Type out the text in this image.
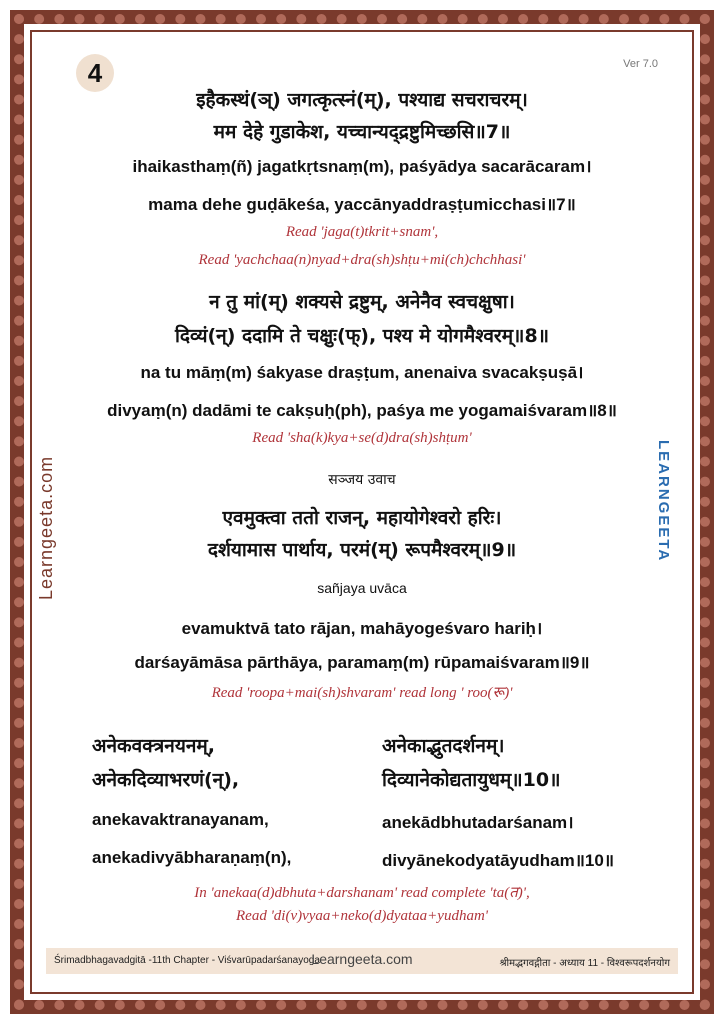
4	Ver 7.0
इहैकस्थं(ञ्) जगत्कृत्स्नं(म्), पश्याद्य सचराचरम्।
मम देहे गुडाकेश, यच्चान्यद्द्रष्टुमिच्छसि॥7॥
ihaikasthaṃ(ñ) jagatkṛtsnaṃ(m), paśyādya sacarācaram।
mama dehe guḍākeśa, yaccānyaddraṣṭumicchasi॥7॥
Read 'jaga(t)tkrit+snam',
Read 'yachchaa(n)nyad+dra(sh)shṭu+mi(ch)chchhasi'
न तु मां(म्) शक्यसे द्रष्टुम्, अनेनैव स्वचक्षुषा।
दिव्यं(न्) ददामि ते चक्षुः(फ्), पश्य मे योगमैश्वरम्॥8॥
na tu māṃ(m) śakyase draṣṭum, anenaiva svacakṣuṣā।
divyaṃ(n) dadāmi te cakṣuḥ(ph), paśya me yogamaiśvaram॥8॥
Read 'sha(k)kya+se(d)dra(sh)shṭum'
सञ्जय उवाच
एवमुक्त्वा ततो राजन्, महायोगेश्वरो हरिः।
दर्शयामास पार्थाय, परमं(म्) रूपमैश्वरम्॥9॥
sañjaya uvāca
evamuktvā tato rājan, mahāyogeśvaro hariḥ।
darśayāmāsa pārthāya, paramaṃ(m) rūpamaiśvaram॥9॥
Read 'roopa+mai(sh)shvaram' read long ' roo(रू)'
अनेकवक्त्रनयनम्,	अनेकाद्भुतदर्शनम्।
अनेकदिव्याभरणं(न्),	दिव्यानेकोद्यतायुधम्॥10॥
anekavaktranayanam,	anekādbhutadarśanam।
anekadivyābharaṇaṃ(n),	divyānekodyatāyudham॥10॥
In 'anekaa(d)dbhuta+darshanam' read complete 'ta(त)',
Read 'di(v)vyaa+neko(d)dyataa+yudham'
Learngeeta.com	LEARNGEETA
Śrimadbhagavadgitā -11th Chapter - Viśvarūpadarśanayoga
Learngeeta.com	श्रीमद्भगवद्गीता - अध्याय 11 - विश्वरूपदर्शनयोग
